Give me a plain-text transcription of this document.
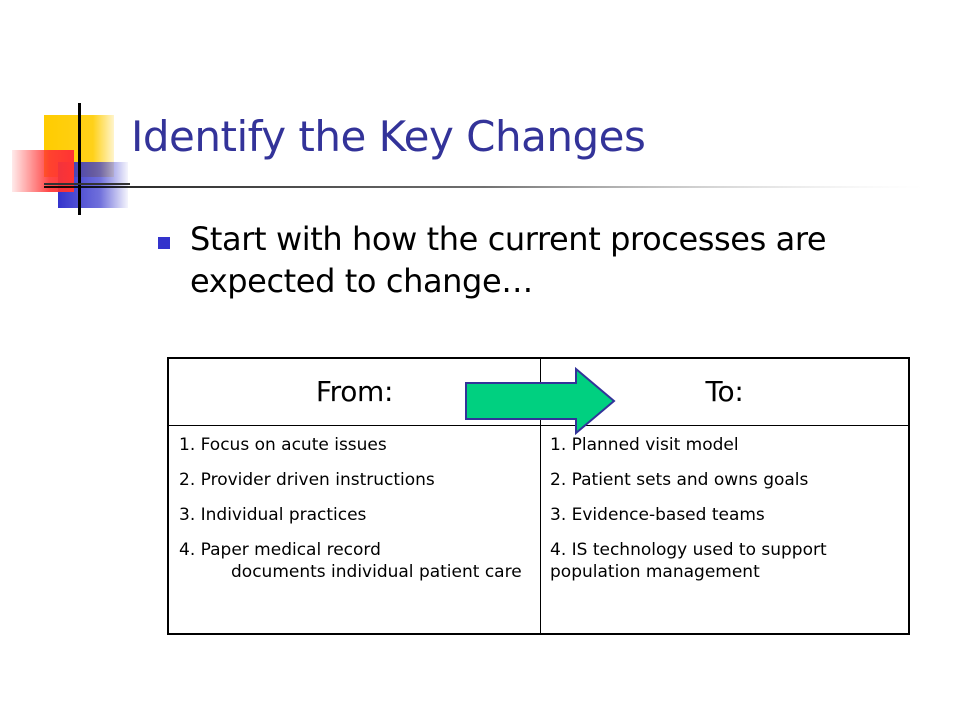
Identify the Key Changes
Start with how the current processes are expected to change…
From:	To:
1. Focus on acute issues
2. Provider driven instructions
3. Individual practices
4. Paper medical record
documents individual patient care
1. Planned visit model
2. Patient sets and owns goals
3. Evidence-based teams
4. IS technology used to support population management
